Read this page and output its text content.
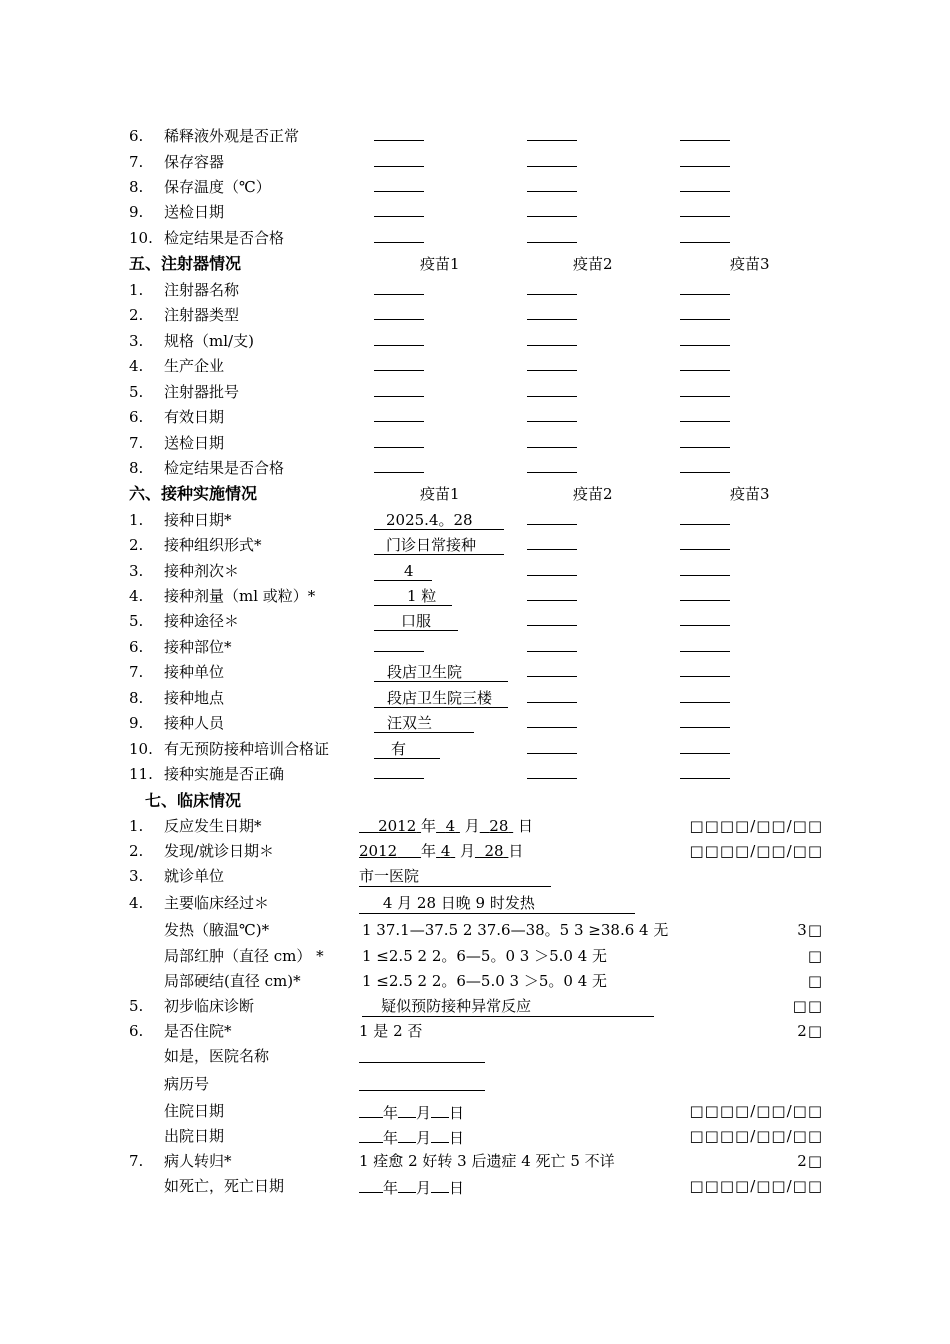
6. 稀释液外观是否正常
7. 保存容器
8. 保存温度（℃）
9. 送检日期
10. 检定结果是否合格
五、注射器情况	疫苗1	疫苗2	疫苗3
1. 注射器名称
2. 注射器类型
3. 规格（ml/支)
4. 生产企业
5. 注射器批号
6. 有效日期
7. 送检日期
8. 检定结果是否合格
六、接种实施情况	疫苗1	疫苗2	疫苗3
1. 接种日期*	2025.4。28
2. 接种组织形式*	门诊日常接种
3. 接种剂次＊	4
4. 接种剂量（ml 或粒）*	1 粒
5. 接种途径＊	口服
6. 接种部位*
7. 接种单位	段店卫生院
8. 接种地点	段店卫生院三楼
9. 接种人员	汪双兰
10. 有无预防接种培训合格证	有
11. 接种实施是否正确
七、临床情况
1. 反应发生日期*	2012 年 4 月 28 日	□□□□/□□/□□
2. 发现/就诊日期＊	2012 年 4 月 28 日	□□□□/□□/□□
3. 就诊单位	市一医院
4. 主要临床经过＊	4 月 28 日晚 9 时发热
发热（腋温℃)*	1 37.1—37.5 2 37.6—38。5 3 ≥38.6 4 无	3□
局部红肿（直径 cm） *	1 ≤2.5 2 2。6—5。0 3 ＞5.0 4 无	□
局部硬结(直径 cm)*	1 ≤2.5 2 2。6—5.0 3 ＞5。0 4 无	□
5. 初步临床诊断	疑似预防接种异常反应	□□
6. 是否住院*	1 是 2 否	2□
如是，医院名称
病历号
住院日期	年 月 日	□□□□/□□/□□
出院日期	年 月 日	□□□□/□□/□□
7. 病人转归*	1 痊愈 2 好转 3 后遗症 4 死亡 5 不详	2□
如死亡，死亡日期	年 月 日	□□□□/□□/□□
